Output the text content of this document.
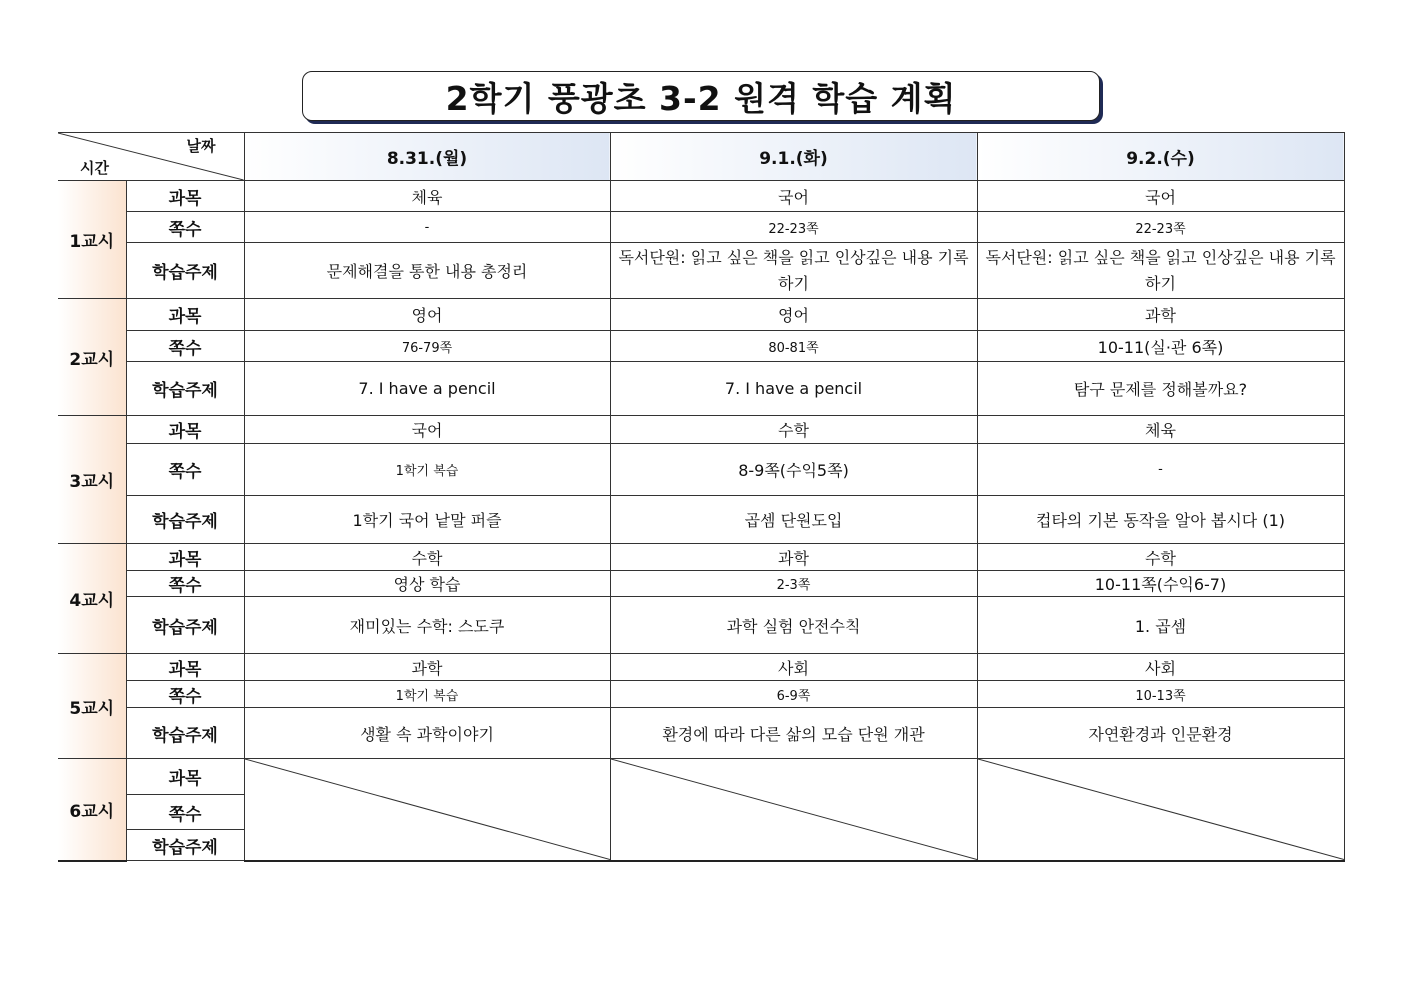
2학기 풍광초 3-2 원격 학습 계획
날짜
시간		8.31.(월)	9.1.(화)	9.2.(수)
1교시	과목	체육	국어	국어
	쪽수	-	22-23쪽	22-23쪽
	학습주제	문제해결을 통한 내용 총정리	독서단원: 읽고 싶은 책을 읽고 인상깊은 내용 기록하기	독서단원: 읽고 싶은 책을 읽고 인상깊은 내용 기록하기
2교시	과목	영어	영어	과학
	쪽수	76-79쪽	80-81쪽	10-11(실·관 6쪽)
	학습주제	7. I have a pencil	7. I have a pencil	탐구 문제를 정해볼까요?
3교시	과목	국어	수학	체육
	쪽수	1학기 복습	8-9쪽(수익5쪽)	-
	학습주제	1학기 국어 낱말 퍼즐	곱셈 단원도입	컵타의 기본 동작을 알아 봅시다 (1)
4교시	과목	수학	과학	수학
	쪽수	영상 학습	2-3쪽	10-11쪽(수익6-7)
	학습주제	재미있는 수학: 스도쿠	과학 실험 안전수칙	1. 곱셈
5교시	과목	과학	사회	사회
	쪽수	1학기 복습	6-9쪽	10-13쪽
	학습주제	생활 속 과학이야기	환경에 따라 다른 삶의 모습 단원 개관	자연환경과 인문환경
6교시	과목	

	쪽수			
	학습주제			
